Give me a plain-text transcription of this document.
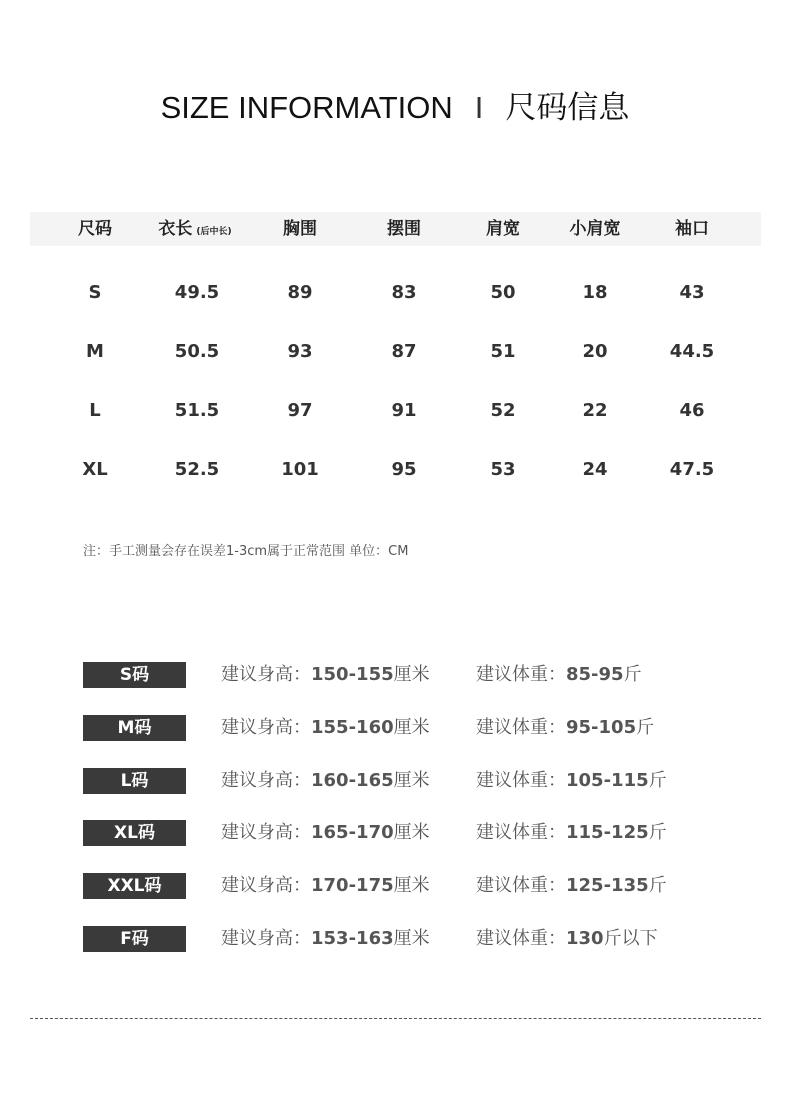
SIZE INFORMATION I 尺码信息
尺码	衣长 (后中长)	胸围	摆围	肩宽	小肩宽	袖口
S	49.5	89	83	50	18	43
M	50.5	93	87	51	20	44.5
L	51.5	97	91	52	22	46
XL	52.5	101	95	53	24	47.5
注：手工测量会存在误差1-3cm属于正常范围 单位：CM
S码	建议身高：150-155厘米	建议体重：85-95斤
M码	建议身高：155-160厘米	建议体重：95-105斤
L码	建议身高：160-165厘米	建议体重：105-115斤
XL码	建议身高：165-170厘米	建议体重：115-125斤
XXL码	建议身高：170-175厘米	建议体重：125-135斤
F码	建议身高：153-163厘米	建议体重：130斤以下
